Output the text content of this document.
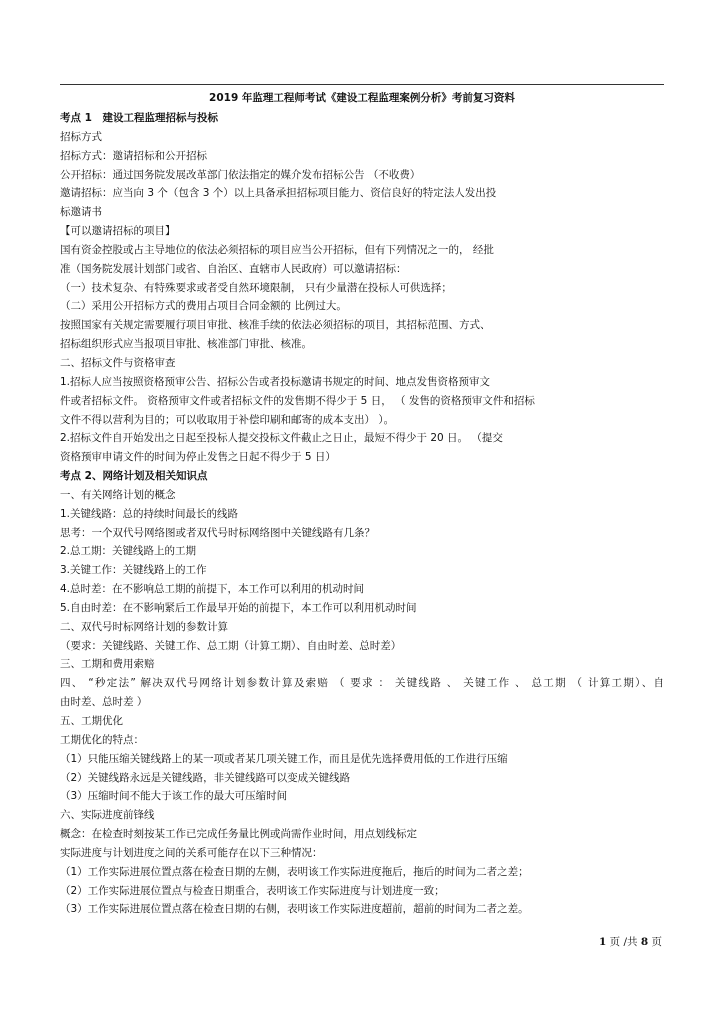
2019 年监理工程师考试《建设工程监理案例分析》考前复习资料
考点 1　建设工程监理招标与投标
招标方式
招标方式：邀请招标和公开招标
公开招标：通过国务院发展改革部门依法指定的媒介发布招标公告 （不收费）
邀请招标：应当向 3 个（包含 3 个）以上具备承担招标项目能力、资信良好的特定法人发出投
标邀请书
【可以邀请招标的项目】
国有资金控股或占主导地位的依法必须招标的项目应当公开招标，但有下列情况之一的， 经批
准（国务院发展计划部门或省、自治区、直辖市人民政府）可以邀请招标：
（一）技术复杂、有特殊要求或者受自然环境限制， 只有少量潜在投标人可供选择；
（二）采用公开招标方式的费用占项目合同金额的 比例过大。
按照国家有关规定需要履行项目审批、核准手续的依法必须招标的项目，其招标范围、方式、
招标组织形式应当报项目审批、核准部门审批、核准。
二、招标文件与资格审查
1.招标人应当按照资格预审公告、招标公告或者投标邀请书规定的时间、地点发售资格预审文
件或者招标文件。 资格预审文件或者招标文件的发售期不得少于 5 日， （ 发售的资格预审文件和招标
文件不得以营利为目的；可以收取用于补偿印刷和邮寄的成本支出） ）。
2.招标文件自开始发出之日起至投标人提交投标文件截止之日止，最短不得少于 20 日。 （提交
资格预审申请文件的时间为停止发售之日起不得少于 5 日）
考点 2、网络计划及相关知识点
一、有关网络计划的概念
1.关键线路：总的持续时间最长的线路
思考：一个双代号网络图或者双代号时标网络图中关键线路有几条？
2.总工期：关键线路上的工期
3.关键工作：关键线路上的工作
4.总时差：在不影响总工期的前提下，本工作可以利用的机动时间
5.自由时差：在不影响紧后工作最早开始的前提下，本工作可以利用机动时间
二、双代号时标网络计划的参数计算
（要求：关键线路、关键工作、总工期（计算工期）、自由时差、总时差）
三、工期和费用索赔
四、 “秒定法” 解决双代号网络计划参数计算及索赔 （ 要求 ： 关键线路 、 关键工作 、 总工期 （ 计算工期）、自
由时差、总时差 ）
五、工期优化
工期优化的特点：
（1）只能压缩关键线路上的某一项或者某几项关键工作，而且是优先选择费用低的工作进行压缩
（2）关键线路永远是关键线路，非关键线路可以变成关键线路
（3）压缩时间不能大于该工作的最大可压缩时间
六、实际进度前锋线
概念：在检查时刻按某工作已完成任务量比例或尚需作业时间，用点划线标定
实际进度与计划进度之间的关系可能存在以下三种情况：
（1）工作实际进展位置点落在检查日期的左侧，表明该工作实际进度拖后，拖后的时间为二者之差；
（2）工作实际进展位置点与检查日期重合，表明该工作实际进度与计划进度一致；
（3）工作实际进展位置点落在检查日期的右侧，表明该工作实际进度超前，超前的时间为二者之差。
1 页 /共 8 页
